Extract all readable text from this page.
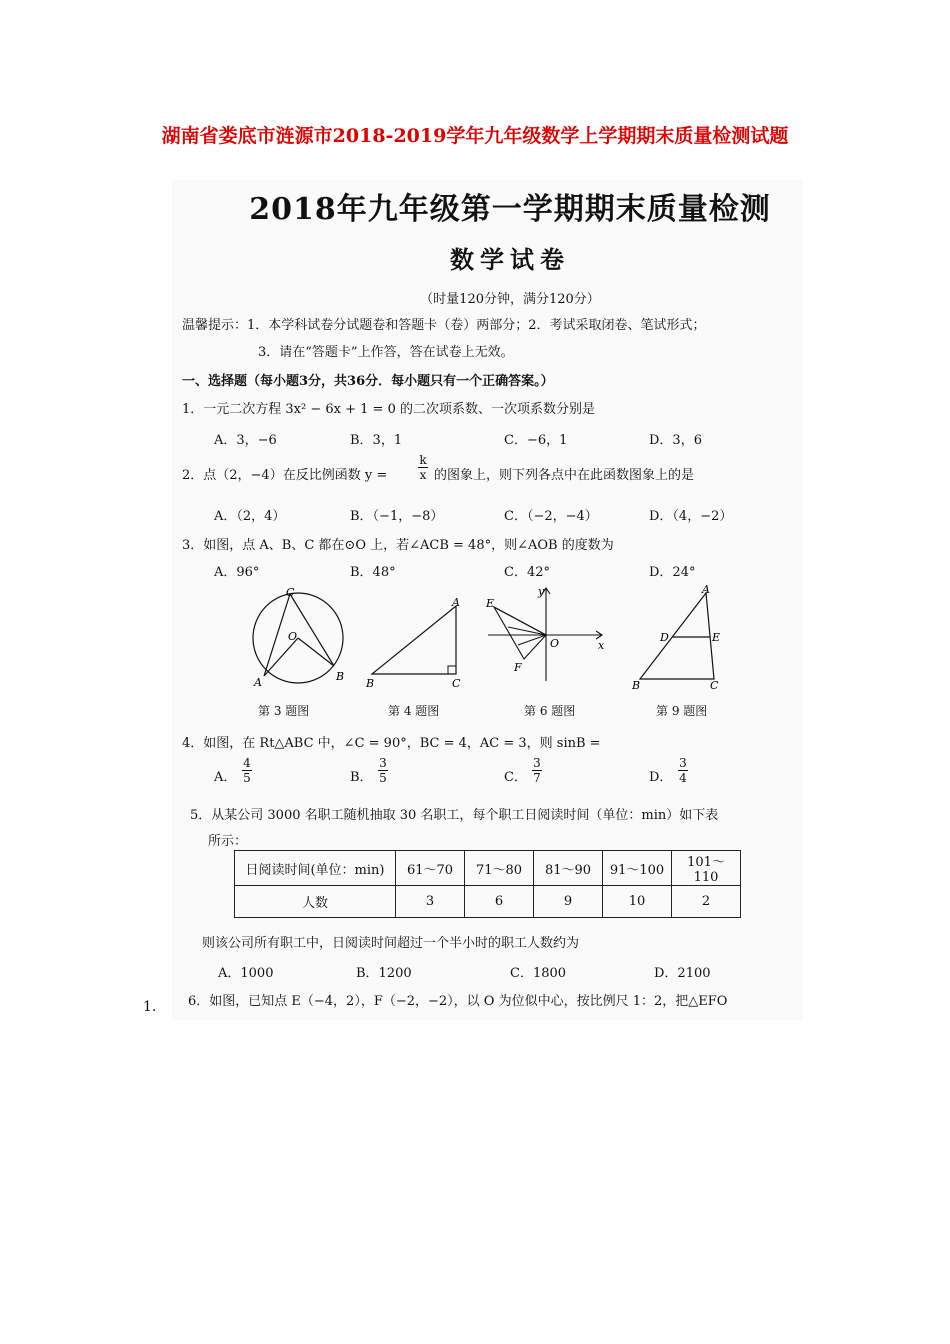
湖南省娄底市涟源市2018-2019学年九年级数学上学期期末质量检测试题
2018年九年级第一学期期末质量检测
数学试卷
（时量120分钟，满分120分）
温馨提示：1．本学科试卷分试题卷和答题卡（卷）两部分；2．考试采取闭卷、笔试形式；
3．请在“答题卡”上作答，答在试卷上无效。
一、选择题（每小题3分，共36分．每小题只有一个正确答案。）
1．一元二次方程 3x² − 6x + 1 = 0 的二次项系数、一次项系数分别是
A．3，−6	B．3，1	C．−6，1	D．3，6
2．点（2，−4）在反比例函数 y =
k
x 的图象上，则下列各点中在此函数图象上的是
A．（2，4）	B．（−1，−8）	C．（−2，−4）	D．（4，−2）
3．如图，点 A、B、C 都在⊙O 上，若∠ACB = 48°，则∠AOB 的度数为
A．96°	B．48°	C．42°	D．24°
C
O
A	B
第 3 题图
A
B	C
第 4 题图
y
E
O	x
F
第 6 题图
A
D	E
B	C
第 9 题图
4．如图，在 Rt△ABC 中，∠C = 90°，BC = 4，AC = 3，则 sinB =
A．
4
5	B．
3
5	C．
3
7	D．
3
4
5．从某公司 3000 名职工随机抽取 30 名职工，每个职工日阅读时间（单位：min）如下表
所示：
日阅读时间(单位：min)	61～70	71～80	81～90	91～100	101～110
人数	3	6	9	10	2
则该公司所有职工中，日阅读时间超过一个半小时的职工人数约为
A．1000	B．1200	C．1800	D．2100
6．如图，已知点 E（−4，2），F（−2，−2），以 O 为位似中心，按比例尺 1：2，把△EFO
1.
